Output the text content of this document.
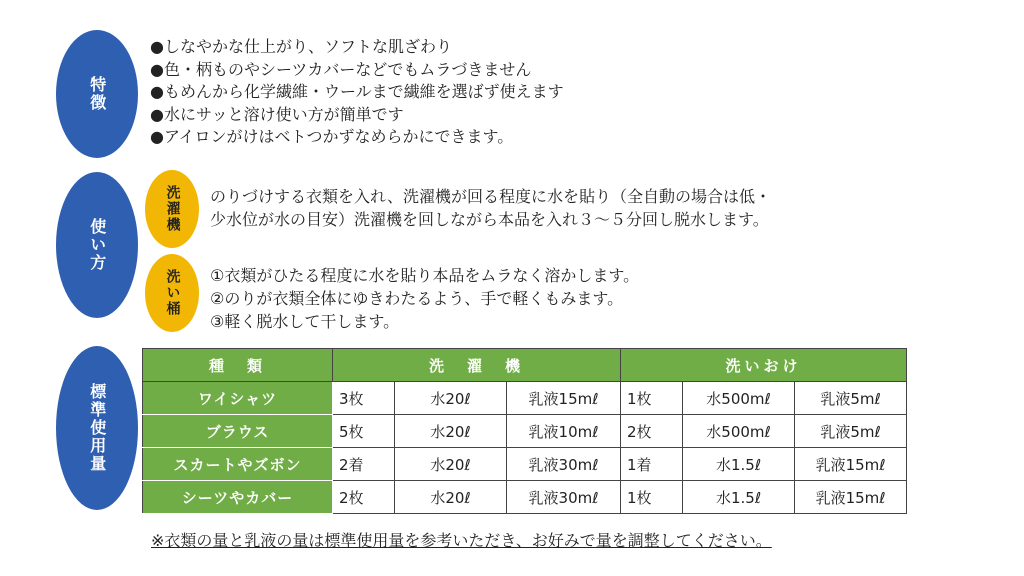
特徴
使い方
標準使用量
●しなやかな仕上がり、ソフトな肌ざわり
●色・柄ものやシーツカバーなどでもムラづきません
●もめんから化学繊維・ウールまで繊維を選ばず使えます
●水にサッと溶け使い方が簡単です
●アイロンがけはベトつかずなめらかにできます。
洗濯機 のりづけする衣類を入れ、洗濯機が回る程度に水を貼り（全自動の場合は低・

少水位が水の目安）洗濯機を回しながら本品を入れ３～５分回し脱水します。

洗い桶 ①衣類がひたる程度に水を貼り本品をムラなく溶かします。

②のりが衣類全体にゆきわたるよう、手で軽くもみます。

③軽く脱水して干します。

種　類	洗　濯　機			洗いおけ		
ワイシャツ	3枚	水20ℓ	乳液15mℓ	1枚	水500mℓ	乳液5mℓ
ブラウス	5枚	水20ℓ	乳液10mℓ	2枚	水500mℓ	乳液5mℓ
スカートやズボン	2着	水20ℓ	乳液30mℓ	1着	水1.5ℓ	乳液15mℓ
シーツやカバー	2枚	水20ℓ	乳液30mℓ	1枚	水1.5ℓ	乳液15mℓ
※衣類の量と乳液の量は標準使用量を参考いただき、お好みで量を調整してください。
